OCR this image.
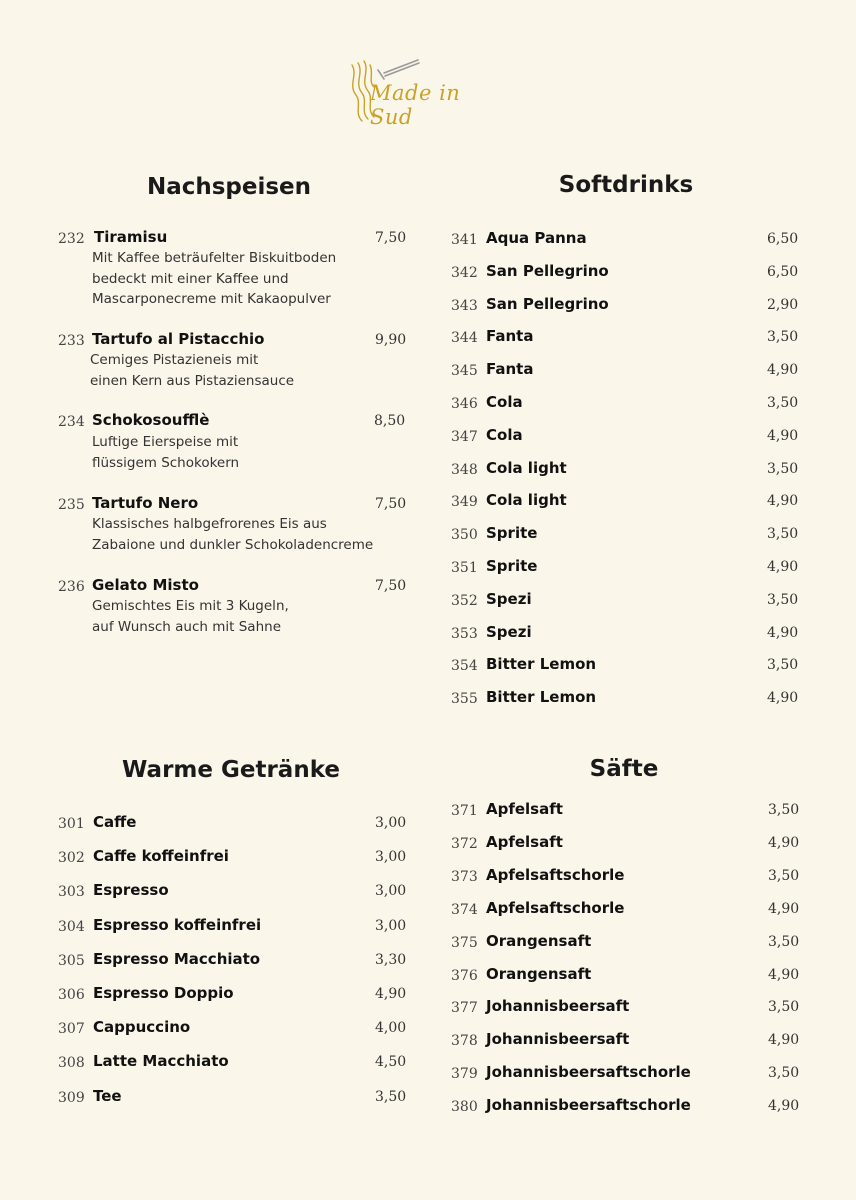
Made in Sud
Nachspeisen	Softdrinks
Warme Getränke	Säfte
232 Tiramisu	7,50
Mit Kaffee beträufelter Biskuitboden
bedeckt mit einer Kaffee und
Mascarponecreme mit Kakaopulver
233 Tartufo al Pistacchio	9,90
Cemiges Pistazieneis mit
einen Kern aus Pistaziensauce
234 Schokosoufflè	8,50
Luftige Eierspeise mit
flüssigem Schokokern
235 Tartufo Nero	7,50
Klassisches halbgefrorenes Eis aus
Zabaione und dunkler Schokoladencreme
236 Gelato Misto	7,50
Gemischtes Eis mit 3 Kugeln,
auf Wunsch auch mit Sahne
341 Aqua Panna	6,50
342 San Pellegrino	6,50
343 San Pellegrino	2,90
344 Fanta	3,50
345 Fanta	4,90
346 Cola	3,50
347 Cola	4,90
348 Cola light	3,50
349 Cola light	4,90
350 Sprite	3,50
351 Sprite	4,90
352 Spezi	3,50
353 Spezi	4,90
354 Bitter Lemon	3,50
355 Bitter Lemon	4,90
301 Caffe	3,00
302 Caffe koffeinfrei	3,00
303 Espresso	3,00
304 Espresso koffeinfrei	3,00
305 Espresso Macchiato	3,30
306 Espresso Doppio	4,90
307 Cappuccino	4,00
308 Latte Macchiato	4,50
309 Tee	3,50
371 Apfelsaft	3,50
372 Apfelsaft	4,90
373 Apfelsaftschorle	3,50
374 Apfelsaftschorle	4,90
375 Orangensaft	3,50
376 Orangensaft	4,90
377 Johannisbeersaft	3,50
378 Johannisbeersaft	4,90
379 Johannisbeersaftschorle	3,50
380 Johannisbeersaftschorle	4,90
